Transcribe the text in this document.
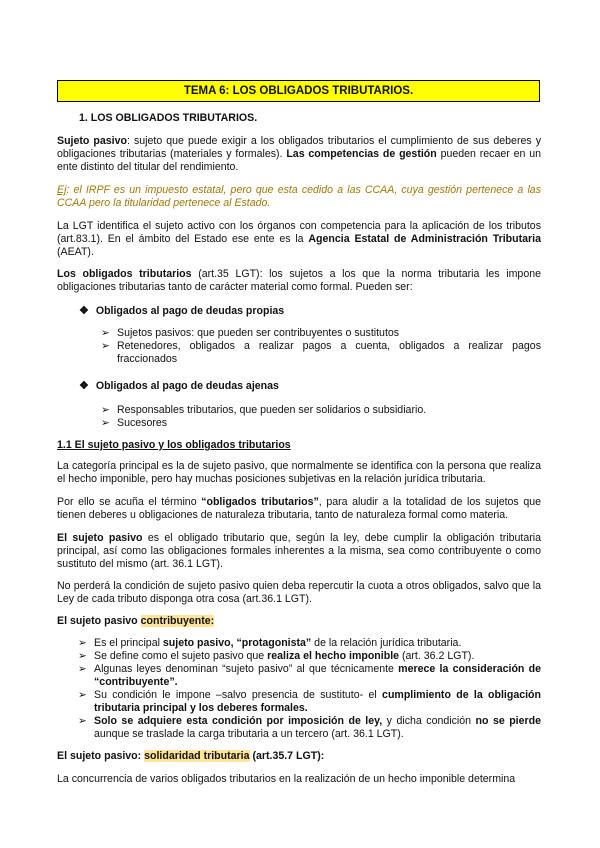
TEMA 6: LOS OBLIGADOS TRIBUTARIOS.
1. LOS OBLIGADOS TRIBUTARIOS.
Sujeto pasivo: sujeto que puede exigir a los obligados tributarios el cumplimiento de sus deberes y obligaciones tributarias (materiales y formales). Las competencias de gestión pueden recaer en un ente distinto del titular del rendimiento.
Ej: el IRPF es un impuesto estatal, pero que esta cedido a las CCAA, cuya gestión pertenece a las CCAA pero la titularidad pertenece al Estado.
La LGT identifica el sujeto activo con los órganos con competencia para la aplicación de los tributos (art.83.1). En el ámbito del Estado ese ente es la Agencia Estatal de Administración Tributaria (AEAT).
Los obligados tributarios (art.35 LGT): los sujetos a los que la norma tributaria les impone obligaciones tributarias tanto de carácter material como formal. Pueden ser:
❖ Obligados al pago de deudas propias
➢ Sujetos pasivos: que pueden ser contribuyentes o sustitutos
➢ Retenedores, obligados a realizar pagos a cuenta, obligados a realizar pagos fraccionados
❖ Obligados al pago de deudas ajenas
➢ Responsables tributarios, que pueden ser solidarios o subsidiario.
➢ Sucesores
1.1 El sujeto pasivo y los obligados tributarios
La categoría principal es la de sujeto pasivo, que normalmente se identifica con la persona que realiza el hecho imponible, pero hay muchas posiciones subjetivas en la relación jurídica tributaria.
Por ello se acuña el término “obligados tributarios”, para aludir a la totalidad de los sujetos que tienen deberes u obligaciones de naturaleza tributaria, tanto de naturaleza formal como materia.
El sujeto pasivo es el obligado tributario que, según la ley, debe cumplir la obligación tributaria principal, así como las obligaciones formales inherentes a la misma, sea como contribuyente o como sustituto del mismo (art. 36.1 LGT).
No perderá la condición de sujeto pasivo quien deba repercutir la cuota a otros obligados, salvo que la Ley de cada tributo disponga otra cosa (art.36.1 LGT).
El sujeto pasivo contribuyente:
➢ Es el principal sujeto pasivo, “protagonista” de la relación jurídica tributaria.
➢ Se define como el sujeto pasivo que realiza el hecho imponible (art. 36.2 LGT).
➢ Algunas leyes denominan “sujeto pasivo” al que técnicamente merece la consideración de “contribuyente”.
➢ Su condición le impone –salvo presencia de sustituto- el cumplimiento de la obligación tributaria principal y los deberes formales.
➢ Solo se adquiere esta condición por imposición de ley, y dicha condición no se pierde aunque se traslade la carga tributaria a un tercero (art. 36.1 LGT).
El sujeto pasivo: solidaridad tributaria (art.35.7 LGT):
La concurrencia de varios obligados tributarios en la realización de un hecho imponible determina
